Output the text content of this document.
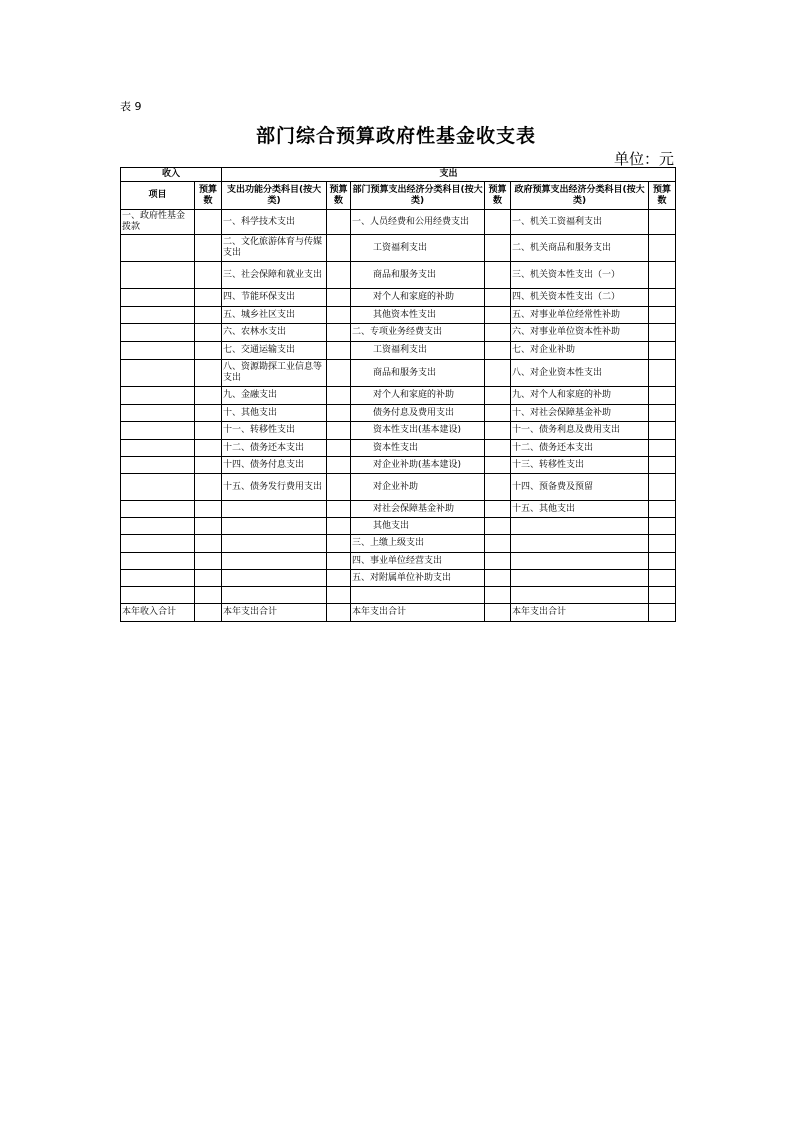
表 9
部门综合预算政府性基金收支表
单位：元
收入		支出					
项目	预算数	支出功能分类科目(按大类)	预算数	部门预算支出经济分类科目(按大类)	预算数	政府预算支出经济分类科目(按大类)	预算数
一、政府性基金拨款		一、科学技术支出		一、人员经费和公用经费支出		一、机关工资福利支出	
		二、文化旅游体育与传媒支出		工资福利支出		二、机关商品和服务支出	
		三、社会保障和就业支出		商品和服务支出		三、机关资本性支出（一）	
		四、节能环保支出		对个人和家庭的补助		四、机关资本性支出（二）	
		五、城乡社区支出		其他资本性支出		五、对事业单位经常性补助	
		六、农林水支出		二、专项业务经费支出		六、对事业单位资本性补助	
		七、交通运输支出		工资福利支出		七、对企业补助	
		八、资源勘探工业信息等支出		商品和服务支出		八、对企业资本性支出	
		九、金融支出		对个人和家庭的补助		九、对个人和家庭的补助	
		十、其他支出		债务付息及费用支出		十、对社会保障基金补助	
		十一、转移性支出		资本性支出(基本建设)		十一、债务利息及费用支出	
		十二、债务还本支出		资本性支出		十二、债务还本支出	
		十四、债务付息支出		对企业补助(基本建设)		十三、转移性支出	
		十五、债务发行费用支出		对企业补助		十四、预备费及预留	
				对社会保障基金补助		十五、其他支出	
				其他支出			
				三、上缴上级支出			
				四、事业单位经营支出			
				五、对附属单位补助支出			

本年收入合计		本年支出合计		本年支出合计		本年支出合计	
